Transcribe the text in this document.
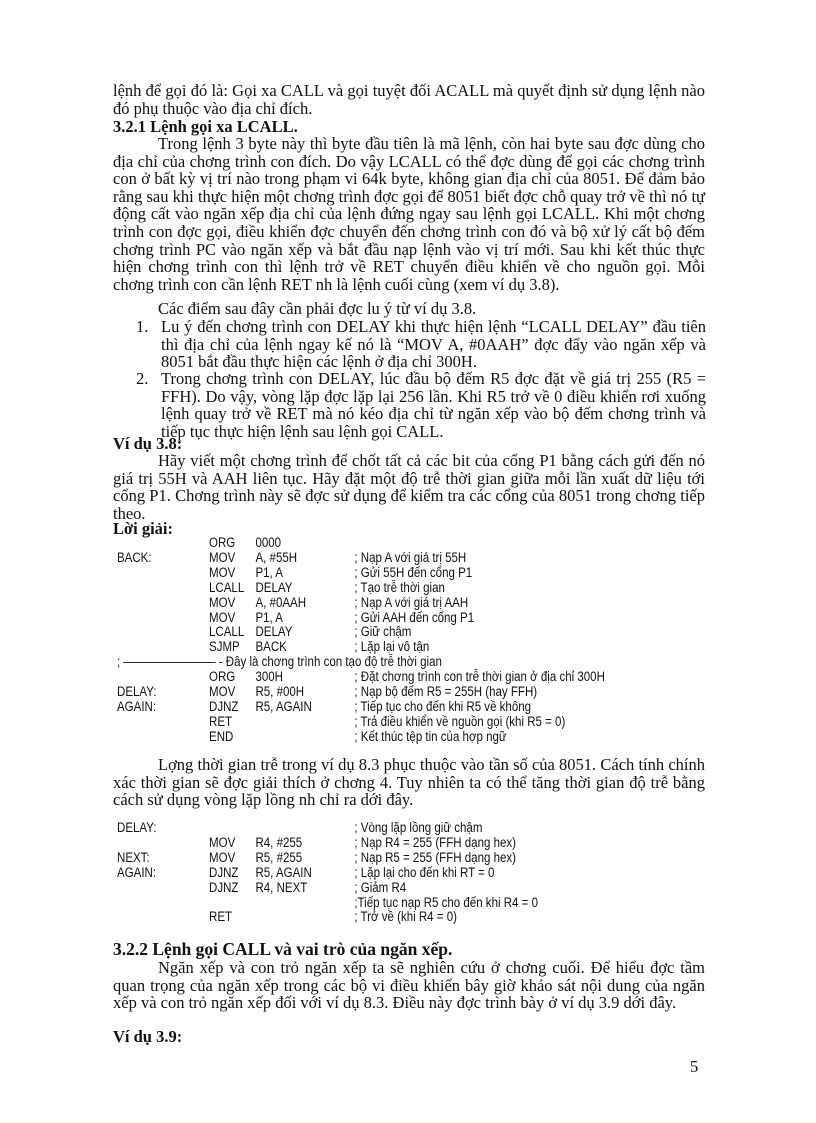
lệnh để gọi đó là: Gọi xa CALL và gọi tuyệt đối ACALL mà quyết định sử dụng lệnh nào đó phụ thuộc vào địa chỉ đích.
3.2.1 Lệnh gọi xa LCALL.
Trong lệnh 3 byte này thì byte đầu tiên là mã lệnh, còn hai byte sau đợc dùng cho địa chỉ của chơng trình con đích. Do vậy LCALL có thể đợc dùng để gọi các chơng trình con ở bất kỳ vị trí nào trong phạm vi 64k byte, không gian địa chỉ của 8051. Để đảm bảo rằng sau khi thực hiện một chơng trình đợc gọi để 8051 biết đợc chỗ quay trở về thì nó tự động cất vào ngăn xếp địa chỉ của lệnh đứng ngay sau lệnh gọi LCALL. Khi một chơng trình con đợc gọi, điều khiển đợc chuyển đến chơng trình con đó và bộ xử lý cất bộ đếm chơng trình PC vào ngăn xếp và bắt đầu nạp lệnh vào vị trí mới. Sau khi kết thúc thực hiện chơng trình con thì lệnh trở về RET chuyển điều khiển về cho nguồn gọi. Mỗi chơng trình con cần lệnh RET nh là lệnh cuối cùng (xem ví dụ 3.8).
Các điểm sau đây cần phải đợc lu ý từ ví dụ 3.8.
1. Lu ý đến chơng trình con DELAY khi thực hiện lệnh “LCALL DELAY” đầu tiên thì địa chỉ của lệnh ngay kế nó là “MOV A, #0AAH” đợc đẩy vào ngăn xếp và 8051 bắt đầu thực hiện các lệnh ở địa chỉ 300H.
2. Trong chơng trình con DELAY, lúc đầu bộ đếm R5 đợc đặt về giá trị 255 (R5 = FFH). Do vậy, vòng lặp đợc lặp lại 256 lần. Khi R5 trở về 0 điều khiển rơi xuống lệnh quay trở về RET mà nó kéo địa chỉ từ ngăn xếp vào bộ đếm chơng trình và tiếp tục thực hiện lệnh sau lệnh gọi CALL.
Ví dụ 3.8:
Hãy viết một chơng trình để chốt tất cả các bit của cổng P1 bằng cách gửi đến nó giá trị 55H và AAH liên tục. Hãy đặt một độ trễ thời gian giữa mỗi lần xuất dữ liệu tới cổng P1. Chơng trình này sẽ đợc sử dụng để kiểm tra các cổng của 8051 trong chơng tiếp theo.
Lời giải:
ORG 0000
BACK:	MOV A, #55H	; Nạp A với giá trị 55H
MOV P1, A	; Gửi 55H đến cổng P1
LCALL DELAY	; Tạo trễ thời gian
MOV A, #0AAH	; Nạp A với giá trị AAH
MOV P1, A	; Gửi AAH đến cổng P1
LCALL DELAY	; Giữ chậm
SJMP BACK	; Lặp lại vô tận
; ———————— - Đây là chơng trình con tạo độ trễ thời gian
ORG 300H	; Đặt chơng trình con trễ thời gian ở địa chỉ 300H
DELAY:	MOV R5, #00H	; Nạp bộ đếm R5 = 255H (hay FFH)
AGAIN:	DJNZ R5, AGAIN	; Tiếp tục cho đến khi R5 về không
RET	; Trả điều khiển về nguồn gọi (khi R5 = 0)
END	; Kết thúc tệp tin của hợp ngữ
Lợng thời gian trễ trong ví dụ 8.3 phục thuộc vào tần số của 8051. Cách tính chính xác thời gian sẽ đợc giải thích ở chơng 4. Tuy nhiên ta có thể tăng thời gian độ trễ bằng cách sử dụng vòng lặp lồng nh chỉ ra dới đây.
DELAY:	; Vòng lặp lồng giữ chậm
MOV R4, #255	; Nạp R4 = 255 (FFH dạng hex)
NEXT:	MOV R5, #255	; Nạp R5 = 255 (FFH dạng hex)
AGAIN:	DJNZ R5, AGAIN	; Lặp lại cho đến khi RT = 0
DJNZ R4, NEXT	; Giảm R4
;Tiếp tục nạp R5 cho đến khi R4 = 0
RET	; Trở về (khi R4 = 0)
3.2.2 Lệnh gọi CALL và vai trò của ngăn xếp.
Ngăn xếp và con trỏ ngăn xếp ta sẽ nghiên cứu ở chơng cuối. Để hiểu đợc tầm quan trọng của ngăn xếp trong các bộ vi điều khiển bây giờ khảo sát nội dung của ngăn xếp và con trỏ ngăn xếp đối với ví dụ 8.3. Điều này đợc trình bày ở ví dụ 3.9 dới đây.
Ví dụ 3.9:
5
